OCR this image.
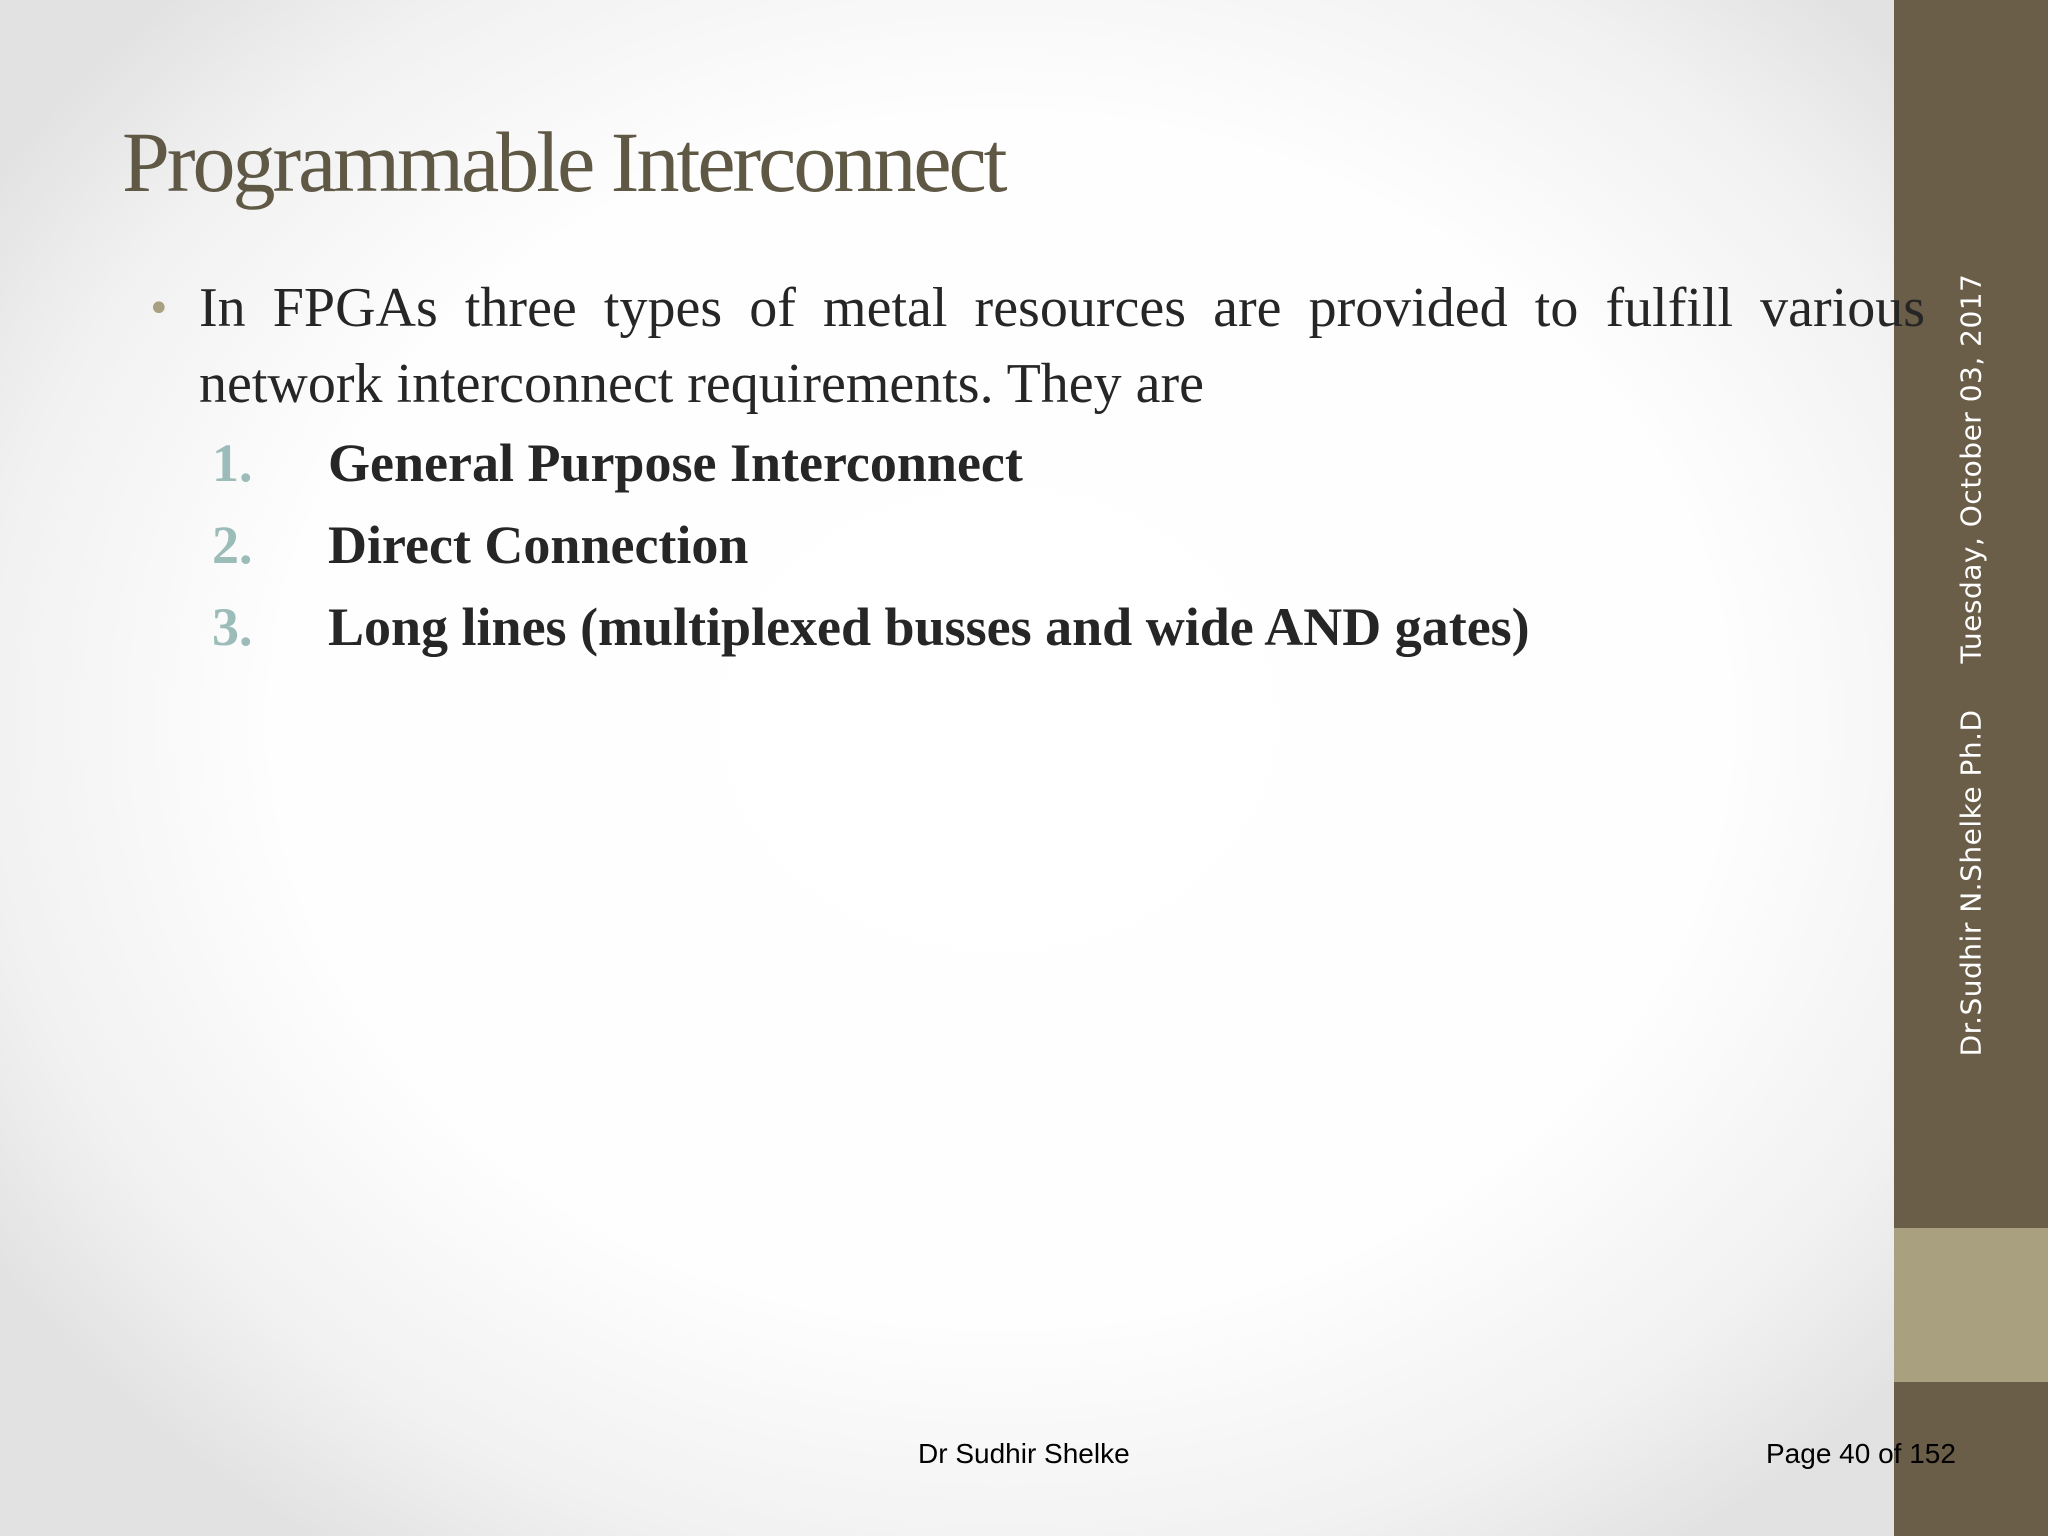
Dr.Sudhir N.Shelke Ph.DTuesday, October 03, 2017
Programmable Interconnect
• In FPGAs three types of metal resources are provided to fulfill various network interconnect requirements. They are
1. General Purpose Interconnect
2. Direct Connection
3. Long lines (multiplexed busses and wide AND gates)
Dr Sudhir Shelke	Page 40 of 152
